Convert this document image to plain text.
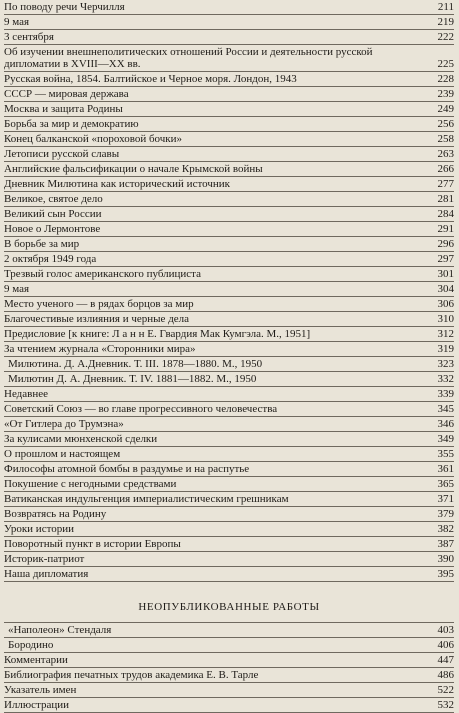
По поводу речи Черчилля	211
9 мая	219
3 сентября	222
Об изучении внешнеполитических отношений России и деятельности русской дипломатии в XVIII—XX вв.	225
Русская война, 1854. Балтийское и Черное моря. Лондон, 1943	228
СССР — мировая держава	239
Москва и защита Родины	249
Борьба за мир и демократию	256
Конец балканской «пороховой бочки»	258
Летописи русской славы	263
Английские фальсификации о начале Крымской войны	266
Дневник Милютина как исторический источник	277
Великое, святое дело	281
Великий сын России	284
Новое о Лермонтове	291
В борьбе за мир	296
2 октября 1949 года	297
Трезвый голос американского публициста	301
9 мая	304
Место ученого — в рядах борцов за мир	306
Благочестивые излияния и черные дела	310
Предисловие [к книге: Л а н н Е. Гвардия Мак Кумгэла. М., 1951]	312
За чтением журнала «Сторонники мира»	319
Милютина. Д. А.Дневник. Т. III. 1878—1880. М., 1950	323
Милютин Д. А. Дневник. Т. IV. 1881—1882. М., 1950	332
Недавнее	339
Советский Союз — во главе прогрессивного человечества	345
«От Гитлера до Трумэна»	346
За кулисами мюнхенской сделки	349
О прошлом и настоящем	355
Философы атомной бомбы в раздумье и на распутье	361
Покушение с негодными средствами	365
Ватиканская индульгенция империалистическим грешникам	371
Возвратясь на Родину	379
Уроки истории	382
Поворотный пункт в истории Европы	387
Историк-патриот	390
Наша дипломатия	395
НЕОПУБЛИКОВАННЫЕ РАБОТЫ
«Наполеон» Стендаля	403
Бородино	406
Комментарии	447
Библиография печатных трудов академика Е. В. Тарле	486
Указатель имен	522
Иллюстрации	532
